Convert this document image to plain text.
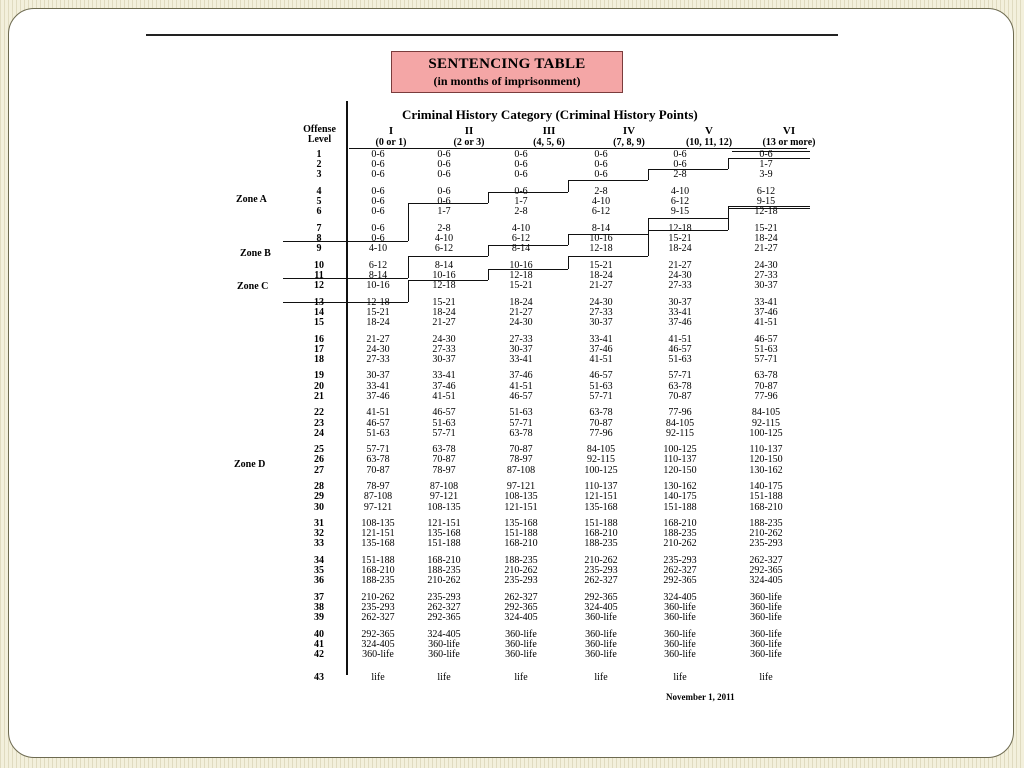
SENTENCING TABLE
(in months of imprisonment)
Criminal History Category (Criminal History Points)
Offense
Level
I
(0 or 1)
II
(2 or 3)
III
(4, 5, 6)
IV
(7, 8, 9)
V
(10, 11, 12)
VI
(13 or more)
Zone A
Zone B
Zone C
Zone D
1	0-6	0-6	0-6	0-6	0-6	0-6
2	0-6	0-6	0-6	0-6	0-6	1-7
3	0-6	0-6	0-6	0-6	2-8	3-9
4	0-6	0-6	0-6	2-8	4-10	6-12
5	0-6	0-6	1-7	4-10	6-12	9-15
6	0-6	1-7	2-8	6-12	9-15	12-18
7	0-6	2-8	4-10	8-14	12-18	15-21
8	0-6	4-10	6-12	10-16	15-21	18-24
9	4-10	6-12	8-14	12-18	18-24	21-27
10	6-12	8-14	10-16	15-21	21-27	24-30
11	8-14	10-16	12-18	18-24	24-30	27-33
12	10-16	12-18	15-21	21-27	27-33	30-37
13	12-18	15-21	18-24	24-30	30-37	33-41
14	15-21	18-24	21-27	27-33	33-41	37-46
15	18-24	21-27	24-30	30-37	37-46	41-51
16	21-27	24-30	27-33	33-41	41-51	46-57
17	24-30	27-33	30-37	37-46	46-57	51-63
18	27-33	30-37	33-41	41-51	51-63	57-71
19	30-37	33-41	37-46	46-57	57-71	63-78
20	33-41	37-46	41-51	51-63	63-78	70-87
21	37-46	41-51	46-57	57-71	70-87	77-96
22	41-51	46-57	51-63	63-78	77-96	84-105
23	46-57	51-63	57-71	70-87	84-105	92-115
24	51-63	57-71	63-78	77-96	92-115	100-125
25	57-71	63-78	70-87	84-105	100-125	110-137
26	63-78	70-87	78-97	92-115	110-137	120-150
27	70-87	78-97	87-108	100-125	120-150	130-162
28	78-97	87-108	97-121	110-137	130-162	140-175
29	87-108	97-121	108-135	121-151	140-175	151-188
30	97-121	108-135	121-151	135-168	151-188	168-210
31	108-135	121-151	135-168	151-188	168-210	188-235
32	121-151	135-168	151-188	168-210	188-235	210-262
33	135-168	151-188	168-210	188-235	210-262	235-293
34	151-188	168-210	188-235	210-262	235-293	262-327
35	168-210	188-235	210-262	235-293	262-327	292-365
36	188-235	210-262	235-293	262-327	292-365	324-405
37	210-262	235-293	262-327	292-365	324-405	360-life
38	235-293	262-327	292-365	324-405	360-life	360-life
39	262-327	292-365	324-405	360-life	360-life	360-life
40	292-365	324-405	360-life	360-life	360-life	360-life
41	324-405	360-life	360-life	360-life	360-life	360-life
42	360-life	360-life	360-life	360-life	360-life	360-life
43	life	life	life	life	life	life
November 1, 2011
